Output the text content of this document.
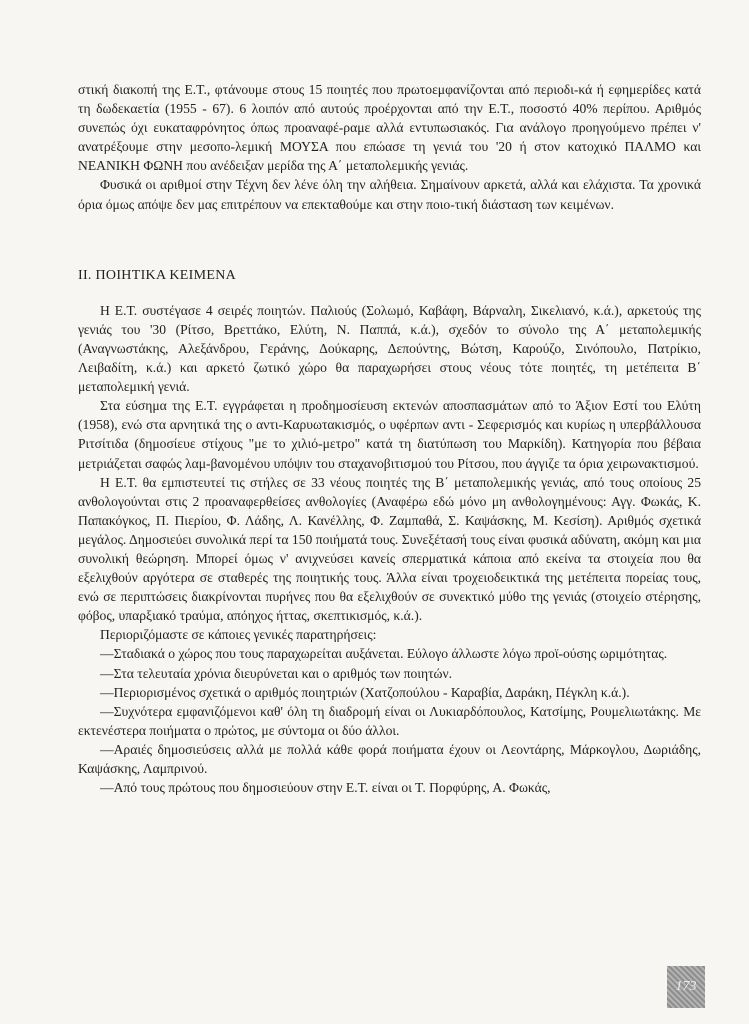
στική διακοπή της Ε.Τ., φτάνουμε στους 15 ποιητές που πρωτοεμφανίζονται από περιοδι-κά ή εφημερίδες κατά τη δωδεκαετία (1955 - 67). 6 λοιπόν από αυτούς προέρχονται από την Ε.Τ., ποσοστό 40% περίπου. Αριθμός συνεπώς όχι ευκαταφρόνητος όπως προαναφέ-ραμε αλλά εντυπωσιακός. Για ανάλογο προηγούμενο πρέπει ν' ανατρέξουμε στην μεσοπο-λεμική ΜΟΥΣΑ που επώασε τη γενιά του '20 ή στον κατοχικό ΠΑΛΜΟ και ΝΕΑΝΙΚΗ ΦΩΝΗ που ανέδειξαν μερίδα της Α΄ μεταπολεμικής γενιάς.

Φυσικά οι αριθμοί στην Τέχνη δεν λένε όλη την αλήθεια. Σημαίνουν αρκετά, αλλά και ελάχιστα. Τα χρονικά όρια όμως απόψε δεν μας επιτρέπουν να επεκταθούμε και στην ποιο-τική διάσταση των κειμένων.

ΙΙ. ΠΟΙΗΤΙΚΑ ΚΕΙΜΕΝΑ

Η Ε.Τ. συστέγασε 4 σειρές ποιητών. Παλιούς (Σολωμό, Καβάφη, Βάρναλη, Σικελιανό, κ.ά.), αρκετούς της γενιάς του '30 (Ρίτσο, Βρεττάκο, Ελύτη, Ν. Παππά, κ.ά.), σχεδόν το σύνολο της Α΄ μεταπολεμικής (Αναγνωστάκης, Αλεξάνδρου, Γεράνης, Δούκαρης, Δεπούντης, Βώτση, Καρούζο, Σινόπουλο, Πατρίκιο, Λειβαδίτη, κ.ά.) και αρκετό ζωτικό χώρο θα παραχωρήσει στους νέους τότε ποιητές, τη μετέπειτα Β΄ μεταπολεμική γενιά.

Στα εύσημα της Ε.Τ. εγγράφεται η προδημοσίευση εκτενών αποσπασμάτων από το Άξιον Εστί του Ελύτη (1958), ενώ στα αρνητικά της ο αντι-Καρυωτακισμός, ο υφέρπων αντι - Σεφερισμός και κυρίως η υπερβάλλουσα Ριτσίτιδα (δημοσίευε στίχους "με το χιλιό-μετρο" κατά τη διατύπωση του Μαρκίδη). Κατηγορία που βέβαια μετριάζεται σαφώς λαμ-βανομένου υπόψιν του σταχανοβιτισμού του Ρίτσου, που άγγιζε τα όρια χειρωνακτισμού.

Η Ε.Τ. θα εμπιστευτεί τις στήλες σε 33 νέους ποιητές της Β΄ μεταπολεμικής γενιάς, από τους οποίους 25 ανθολογούνται στις 2 προαναφερθείσες ανθολογίες (Αναφέρω εδώ μόνο μη ανθολογημένους: Αγγ. Φωκάς, Κ. Παπακόγκος, Π. Πιερίου, Φ. Λάδης, Λ. Κανέλλης, Φ. Ζαμπαθά, Σ. Καψάσκης, Μ. Κεσίση). Αριθμός σχετικά μεγάλος. Δημοσιεύει συνολικά περί τα 150 ποιήματά τους. Συνεξέτασή τους είναι φυσικά αδύνατη, ακόμη και μια συνολική θεώρηση. Μπορεί όμως ν' ανιχνεύσει κανείς σπερματικά κάποια από εκείνα τα στοιχεία που θα εξελιχθούν αργότερα σε σταθερές της ποιητικής τους. Άλλα είναι τροχειοδεικτικά της μετέπειτα πορείας τους, ενώ σε περιπτώσεις διακρίνονται πυρήνες που θα εξελιχθούν σε συνεκτικό μύθο της γενιάς (στοιχείο στέρησης, φόβος, υπαρξιακό τραύμα, απόηχος ήττας, σκεπτικισμός, κ.ά.).

Περιοριζόμαστε σε κάποιες γενικές παρατηρήσεις:

—Σταδιακά ο χώρος που τους παραχωρείται αυξάνεται. Εύλογο άλλωστε λόγω προϊ-ούσης ωριμότητας.

—Στα τελευταία χρόνια διευρύνεται και ο αριθμός των ποιητών.

—Περιορισμένος σχετικά ο αριθμός ποιητριών (Χατζοπούλου - Καραβία, Δαράκη, Πέγκλη κ.ά.).

—Συχνότερα εμφανιζόμενοι καθ' όλη τη διαδρομή είναι οι Λυκιαρδόπουλος, Κατσίμης, Ρουμελιωτάκης. Με εκτενέστερα ποιήματα ο πρώτος, με σύντομα οι δύο άλλοι.

—Αραιές δημοσιεύσεις αλλά με πολλά κάθε φορά ποιήματα έχουν οι Λεοντάρης, Μάρκογλου, Δωριάδης, Καψάσκης, Λαμπρινού.

—Από τους πρώτους που δημοσιεύουν στην Ε.Τ. είναι οι Τ. Πορφύρης, Α. Φωκάς,

173
